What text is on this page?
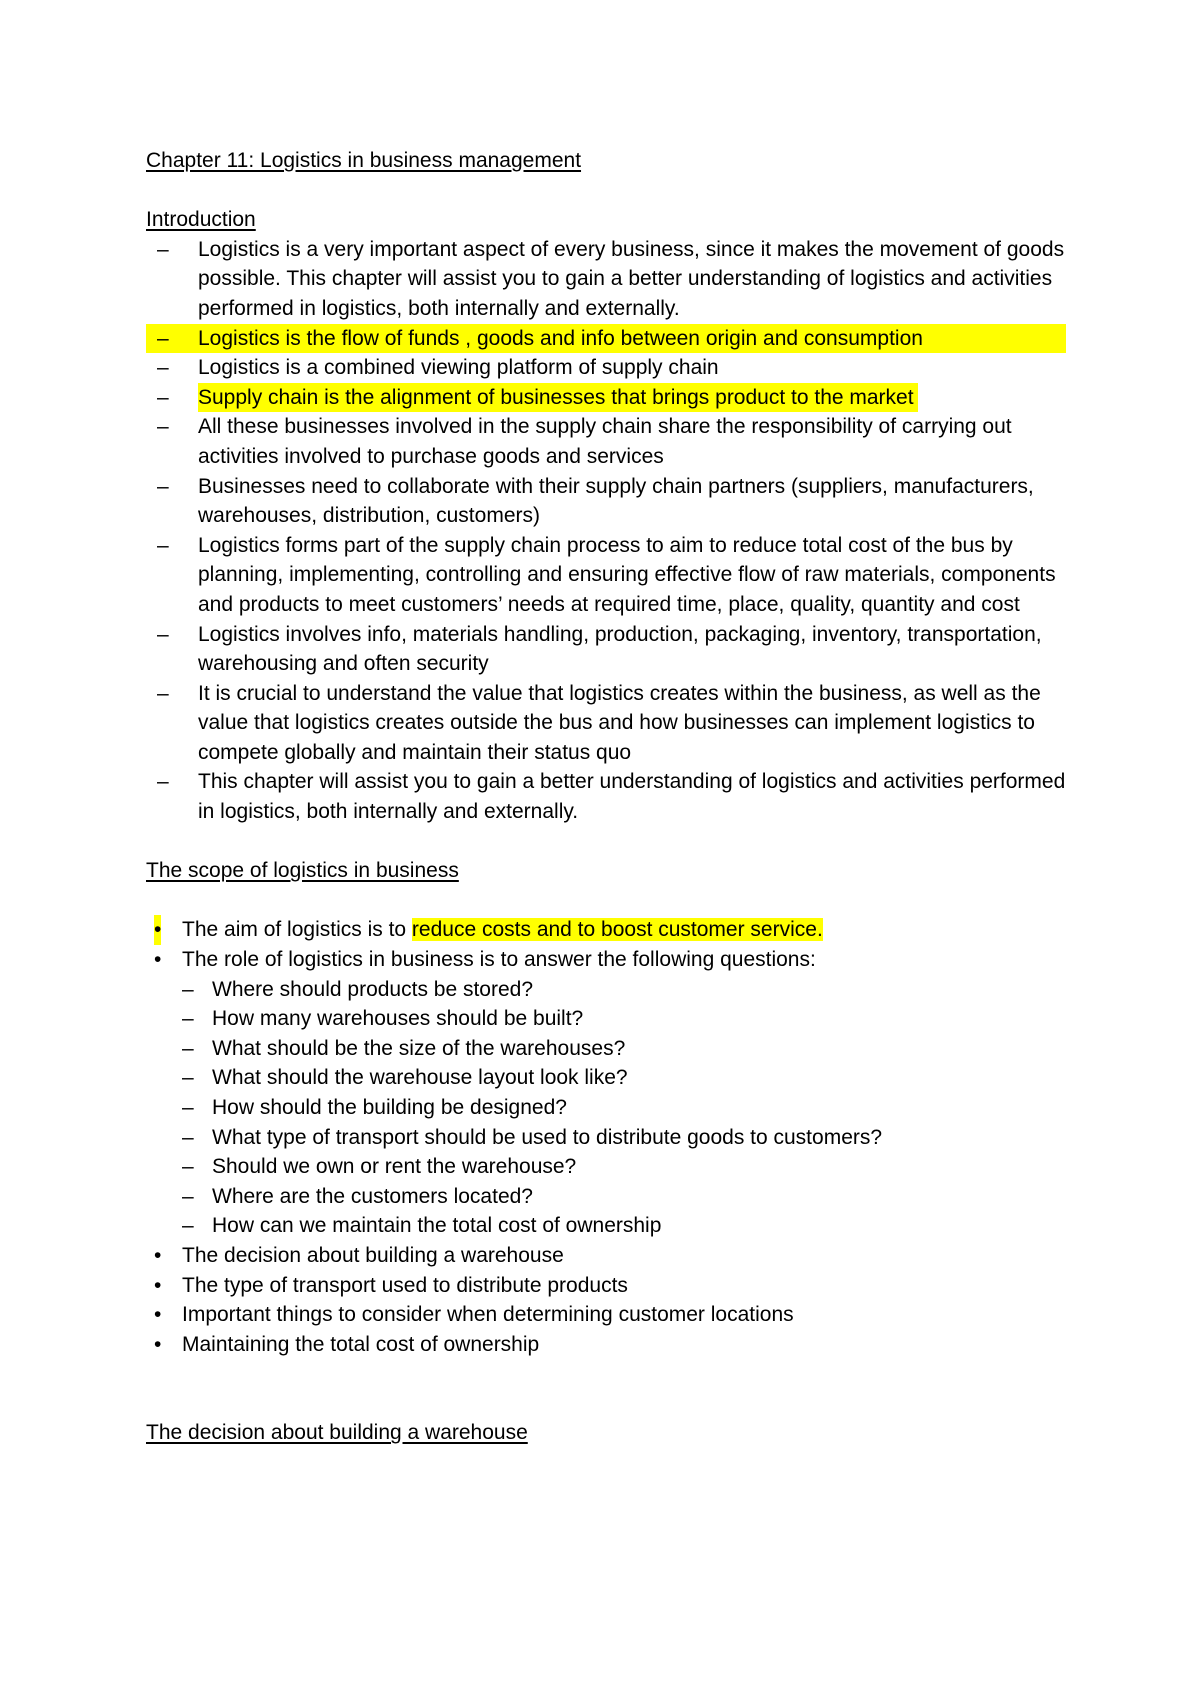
Chapter 11: Logistics in business management
Introduction
– Logistics is a very important aspect of every business, since it makes the movement of goods possible. This chapter will assist you to gain a better understanding of logistics and activities performed in logistics, both internally and externally.
– Logistics is the flow of funds , goods and info between origin and consumption
– Logistics is a combined viewing platform of supply chain
– Supply chain is the alignment of businesses that brings product to the market
– All these businesses involved in the supply chain share the responsibility of carrying out activities involved to purchase goods and services
– Businesses need to collaborate with their supply chain partners (suppliers, manufacturers, warehouses, distribution, customers)
– Logistics forms part of the supply chain process to aim to reduce total cost of the bus by planning, implementing, controlling and ensuring effective flow of raw materials, components and products to meet customers’ needs at required time, place, quality, quantity and cost
– Logistics involves info, materials handling, production, packaging, inventory, transportation, warehousing and often security
– It is crucial to understand the value that logistics creates within the business, as well as the value that logistics creates outside the bus and how businesses can implement logistics to compete globally and maintain their status quo
– This chapter will assist you to gain a better understanding of logistics and activities performed in logistics, both internally and externally.
The scope of logistics in business
• The aim of logistics is to reduce costs and to boost customer service.
• The role of logistics in business is to answer the following questions:
– Where should products be stored?
– How many warehouses should be built?
– What should be the size of the warehouses?
– What should the warehouse layout look like?
– How should the building be designed?
– What type of transport should be used to distribute goods to customers?
– Should we own or rent the warehouse?
– Where are the customers located?
– How can we maintain the total cost of ownership
• The decision about building a warehouse
• The type of transport used to distribute products
• Important things to consider when determining customer locations
• Maintaining the total cost of ownership
The decision about building a warehouse
